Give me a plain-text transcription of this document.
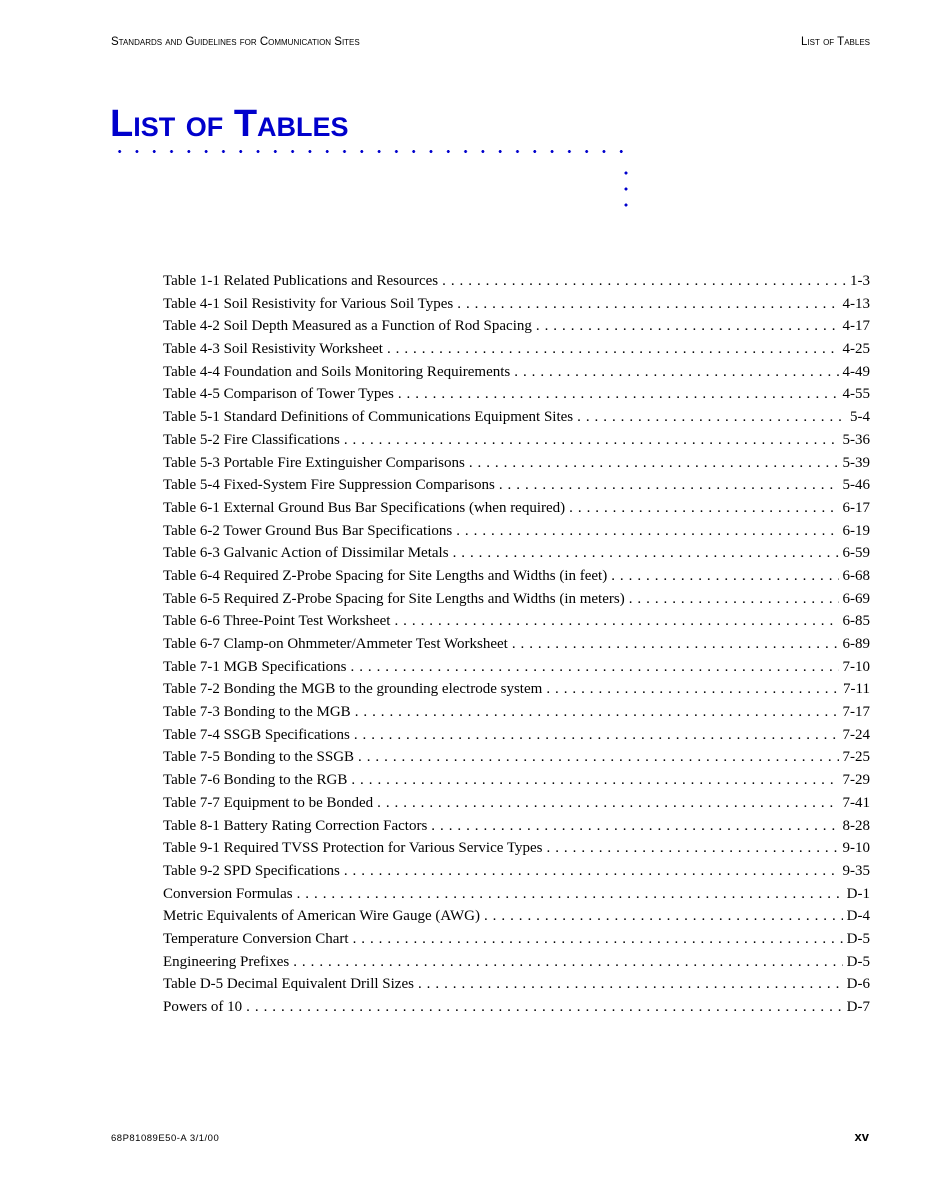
Standards and Guidelines for Communication Sites	List of Tables
List of Tables
Table 1-1 Related Publications and Resources . . .	1-3
Table 4-1 Soil Resistivity for Various Soil Types . . .	4-13
Table 4-2 Soil Depth Measured as a Function of Rod Spacing . . .	4-17
Table 4-3 Soil Resistivity Worksheet . . .	4-25
Table 4-4 Foundation and Soils Monitoring Requirements . . .	4-49
Table 4-5 Comparison of Tower Types . . .	4-55
Table 5-1 Standard Definitions of Communications Equipment Sites . . .	5-4
Table 5-2 Fire Classifications . . .	5-36
Table 5-3 Portable Fire Extinguisher Comparisons . . .	5-39
Table 5-4 Fixed-System Fire Suppression Comparisons . . .	5-46
Table 6-1 External Ground Bus Bar Specifications (when required) . . .	6-17
Table 6-2 Tower Ground Bus Bar Specifications . . .	6-19
Table 6-3 Galvanic Action of Dissimilar Metals . . .	6-59
Table 6-4 Required Z-Probe Spacing for Site Lengths and Widths (in feet) . . .	6-68
Table 6-5 Required Z-Probe Spacing for Site Lengths and Widths (in meters) . . .	6-69
Table 6-6 Three-Point Test Worksheet . . .	6-85
Table 6-7 Clamp-on Ohmmeter/Ammeter Test Worksheet . . .	6-89
Table 7-1 MGB Specifications . . .	7-10
Table 7-2 Bonding the MGB to the grounding electrode system . . .	7-11
Table 7-3 Bonding to the MGB . . .	7-17
Table 7-4 SSGB Specifications . . .	7-24
Table 7-5 Bonding to the SSGB . . .	7-25
Table 7-6 Bonding to the RGB . . .	7-29
Table 7-7 Equipment to be Bonded . . .	7-41
Table 8-1 Battery Rating Correction Factors . . .	8-28
Table 9-1 Required TVSS Protection for Various Service Types . . .	9-10
Table 9-2 SPD Specifications . . .	9-35
Conversion Formulas . . .	D-1
Metric Equivalents of American Wire Gauge (AWG) . . .	D-4
Temperature Conversion Chart . . .	D-5
Engineering Prefixes . . .	D-5
Table D-5 Decimal Equivalent Drill Sizes . . .	D-6
Powers of 10 . . .	D-7
68P81089E50-A 3/1/00	xv
